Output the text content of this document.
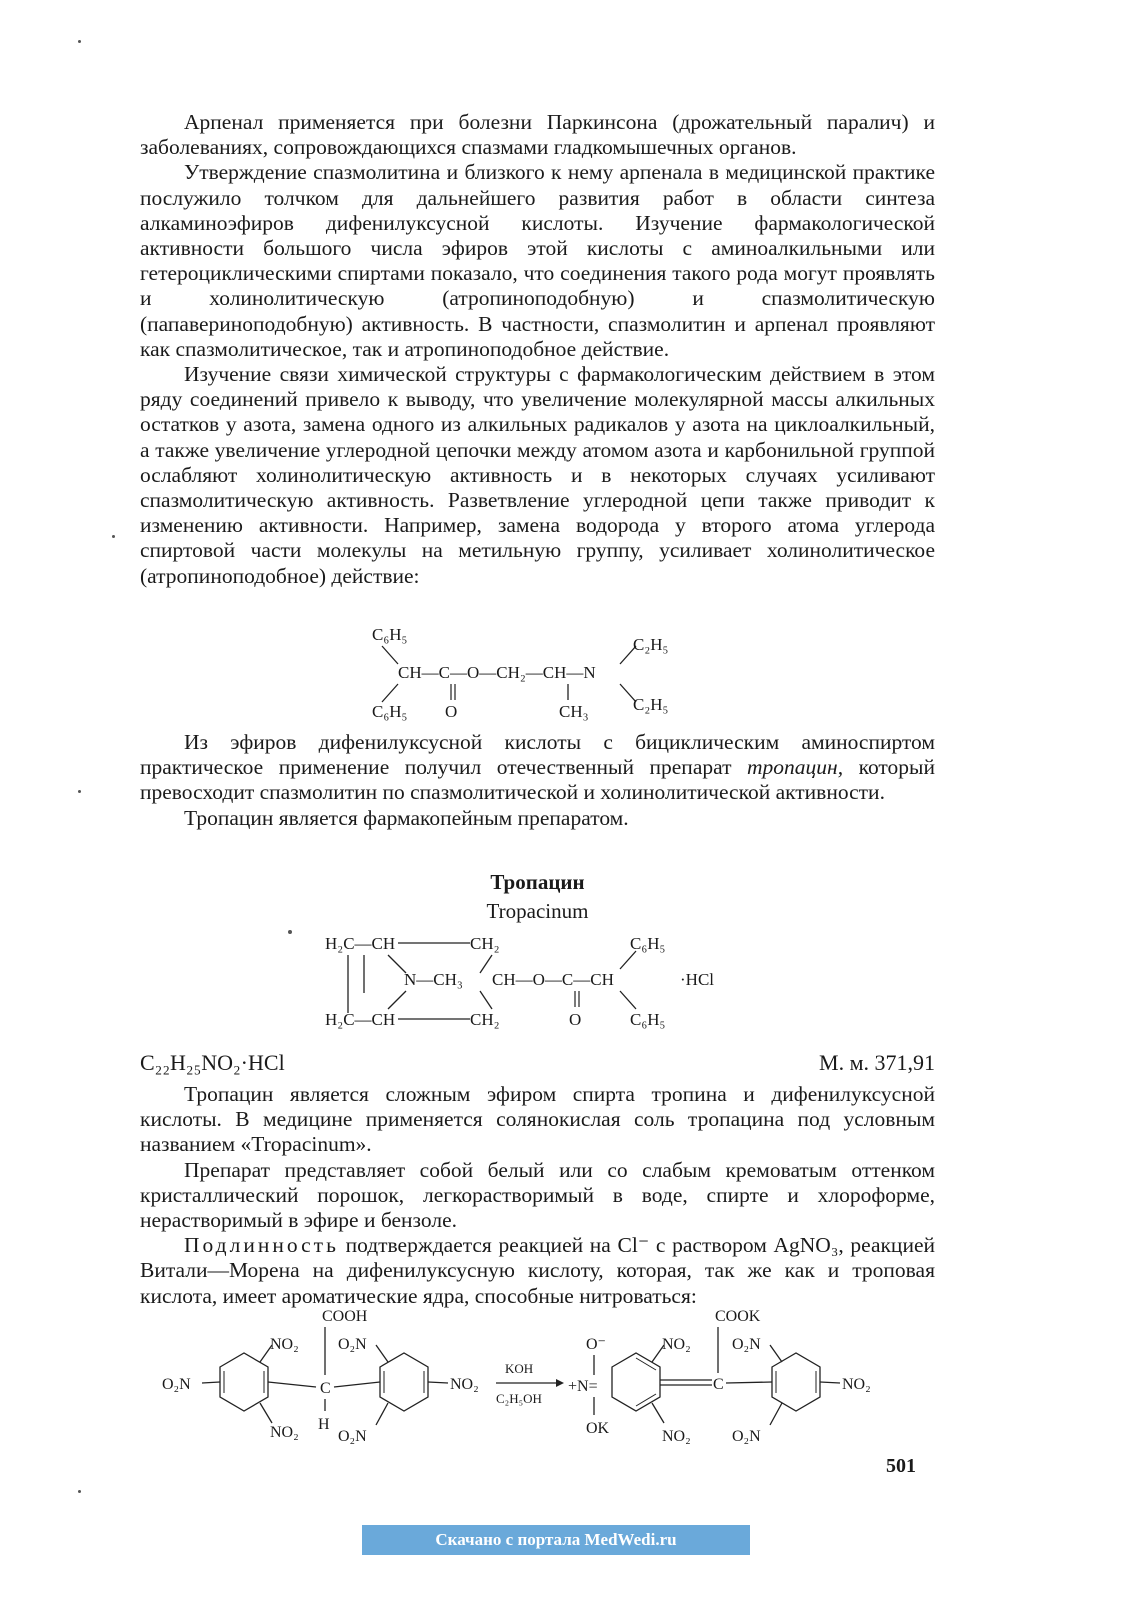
Арпенал применяется при болезни Паркинсона (дрожательный паралич) и заболеваниях, сопровождающихся спазмами гладкомышечных органов.

Утверждение спазмолитина и близкого к нему арпенала в медицинской практике послужило толчком для дальнейшего развития работ в области синтеза алкаминоэфиров дифенилуксусной кислоты. Изучение фармакологической активности большого числа эфиров этой кислоты с аминоалкильными или гетероциклическими спиртами показало, что соединения такого рода могут проявлять и холинолитическую (атропиноподобную) и спазмолитическую (папавериноподобную) активность. В частности, спазмолитин и арпенал проявляют как спазмолитическое, так и атропиноподобное действие.

Изучение связи химической структуры с фармакологическим действием в этом ряду соединений привело к выводу, что увеличение молекулярной массы алкильных остатков у азота, замена одного из алкильных радикалов у азота на циклоалкильный, а также увеличение углеродной цепочки между атомом азота и карбонильной группой ослабляют холинолитическую активность и в некоторых случаях усиливают спазмолитическую активность. Разветвление углеродной цепи также приводит к изменению активности. Например, замена водорода у второго атома углерода спиртовой части молекулы на метильную группу, усиливает холинолитическое (атропиноподобное) действие:

C₆H₅
CH—C—O—CH₂—CH—N
C₆H₅ O	CH₃
C₂H₅
C₂H₅

Из эфиров дифенилуксусной кислоты с бициклическим аминоспиртом практическое применение получил отечественный препарат тропацин, который превосходит спазмолитин по спазмолитической и холинолитической активности.

Тропацин является фармакопейным препаратом.

Тропацин
Tropacinum
H₂C—CH	CH₂
N—CH₃ CH—O—C—CH
O
H₂C—CH	CH₂
C₆H₅
C₆H₅
·HCl
C₂₂H₂₅NO₂·HCl	М. м. 371,91

Тропацин является сложным эфиром спирта тропина и дифенилуксусной кислоты. В медицине применяется солянокислая соль тропацина под условным названием «Tropacinum».

Препарат представляет собой белый или со слабым кремоватым оттенком кристаллический порошок, легкорастворимый в воде, спирте и хлороформе, нерастворимый в эфире и бензоле.

Подлинность подтверждается реакцией на Cl⁻ с раствором AgNO₃, реакцией Витали—Морена на дифенилуксусную кислоту, которая, так же как и троповая кислота, имеет ароматические ядра, способные нитроваться:

COOH
C
H
O₂N
NO₂
NO₂
O₂N
O₂N
NO₂
KOH
C₂H₅OH
O⁻
+N=
OK
C
COOK
NO₂
NO₂
O₂N
O₂N
NO₂
501
Скачано с портала MedWedi.ru
